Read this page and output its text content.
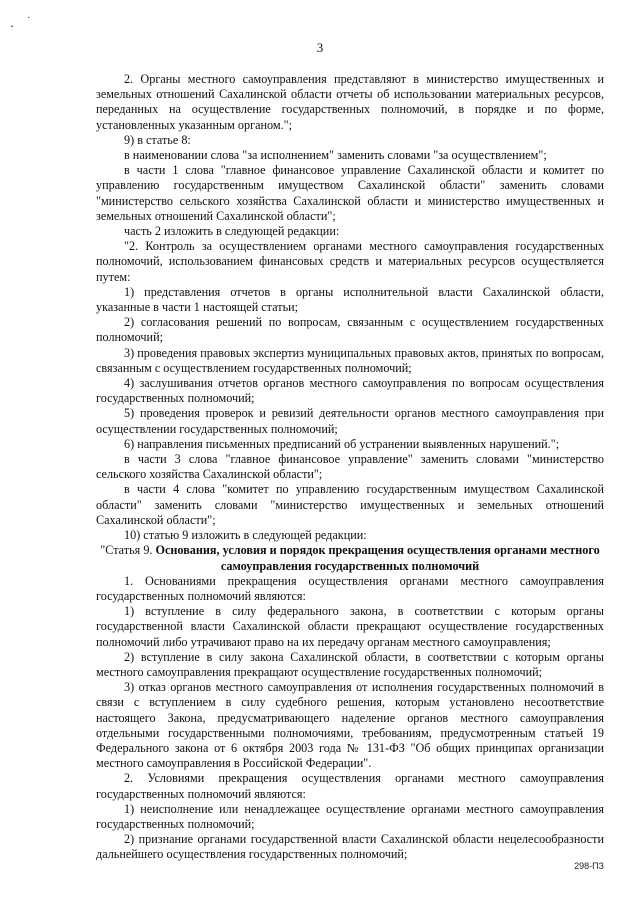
¸ ˙
3

2. Органы местного самоуправления представляют в министерство имущественных и земельных отношений Сахалинской области отчеты об использовании материальных ресурсов, переданных на осуществление государственных полномочий, в порядке и по форме, установленных указанным органом.";

9) в статье 8:

в наименовании слова "за исполнением" заменить словами "за осуществлением";

в части 1 слова "главное финансовое управление Сахалинской области и комитет по управлению государственным имуществом Сахалинской области" заменить словами "министерство сельского хозяйства Сахалинской области и министерство имущественных и земельных отношений Сахалинской области";

часть 2 изложить в следующей редакции:

"2. Контроль за осуществлением органами местного самоуправления государственных полномочий, использованием финансовых средств и материальных ресурсов осуществляется путем:

1) представления отчетов в органы исполнительной власти Сахалинской области, указанные в части 1 настоящей статьи;

2) согласования решений по вопросам, связанным с осуществлением государственных полномочий;

3) проведения правовых экспертиз муниципальных правовых актов, принятых по вопросам, связанным с осуществлением государственных полномочий;

4) заслушивания отчетов органов местного самоуправления по вопросам осуществления государственных полномочий;

5) проведения проверок и ревизий деятельности органов местного самоуправления при осуществлении государственных полномочий;

6) направления письменных предписаний об устранении выявленных нарушений.";

в части 3 слова "главное финансовое управление" заменить словами "министерство сельского хозяйства Сахалинской области";

в части 4 слова "комитет по управлению государственным имуществом Сахалинской области" заменить словами "министерство имущественных и земельных отношений Сахалинской области";

10) статью 9 изложить в следующей редакции:

"Статья 9. Основания, условия и порядок прекращения осуществления органами местного самоуправления государственных полномочий

1. Основаниями прекращения осуществления органами местного самоуправления государственных полномочий являются:

1) вступление в силу федерального закона, в соответствии с которым органы государственной власти Сахалинской области прекращают осуществление государственных полномочий либо утрачивают право на их передачу органам местного самоуправления;

2) вступление в силу закона Сахалинской области, в соответствии с которым органы местного самоуправления прекращают осуществление государственных полномочий;

3) отказ органов местного самоуправления от исполнения государственных полномочий в связи с вступлением в силу судебного решения, которым установлено несоответствие настоящего Закона, предусматривающего наделение органов местного самоуправления отдельными государственными полномочиями, требованиям, предусмотренным статьей 19 Федерального закона от 6 октября 2003 года № 131-ФЗ "Об общих принципах организации местного самоуправления в Российской Федерации".

2. Условиями прекращения осуществления органами местного самоуправления государственных полномочий являются:

1) неисполнение или ненадлежащее осуществление органами местного самоуправления государственных полномочий;

2) признание органами государственной власти Сахалинской области нецелесообразности дальнейшего осуществления государственных полномочий;

298-ПЗ
